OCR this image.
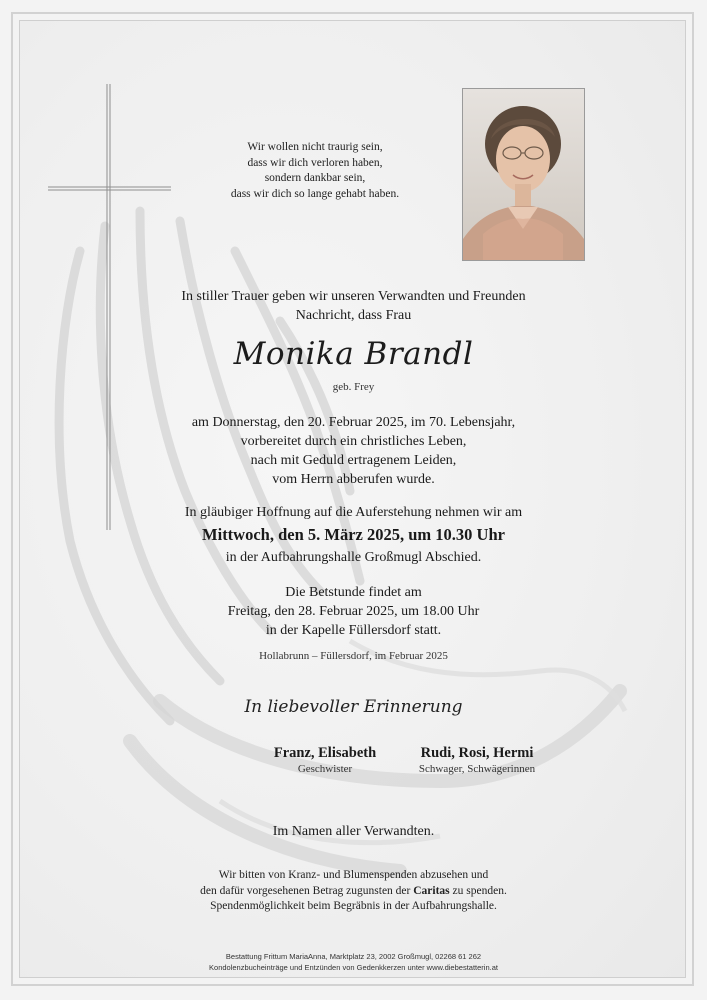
Wir wollen nicht traurig sein,
dass wir dich verloren haben,
sondern dankbar sein,
dass wir dich so lange gehabt haben.
In stiller Trauer geben wir unseren Verwandten und Freunden
Nachricht, dass Frau
Monika Brandl
geb. Frey
am Donnerstag, den 20. Februar 2025, im 70. Lebensjahr,
vorbereitet durch ein christliches Leben,
nach mit Geduld ertragenem Leiden,
vom Herrn abberufen wurde.
In gläubiger Hoffnung auf die Auferstehung nehmen wir am
Mittwoch, den 5. März 2025, um 10.30 Uhr
in der Aufbahrungshalle Großmugl Abschied.
Die Betstunde findet am
Freitag, den 28. Februar 2025, um 18.00 Uhr
in der Kapelle Füllersdorf statt.
Hollabrunn – Füllersdorf, im Februar 2025
In liebevoller Erinnerung
Franz, Elisabeth
Geschwister
Rudi, Rosi, Hermi
Schwager, Schwägerinnen
Im Namen aller Verwandten.
Wir bitten von Kranz- und Blumenspenden abzusehen und
den dafür vorgesehenen Betrag zugunsten der Caritas zu spenden.
Spendenmöglichkeit beim Begräbnis in der Aufbahrungshalle.
Bestattung Frittum MariaAnna, Marktplatz 23, 2002 Großmugl, 02268 61 262
Kondolenzbucheinträge und Entzünden von Gedenkkerzen unter www.diebestatterin.at
